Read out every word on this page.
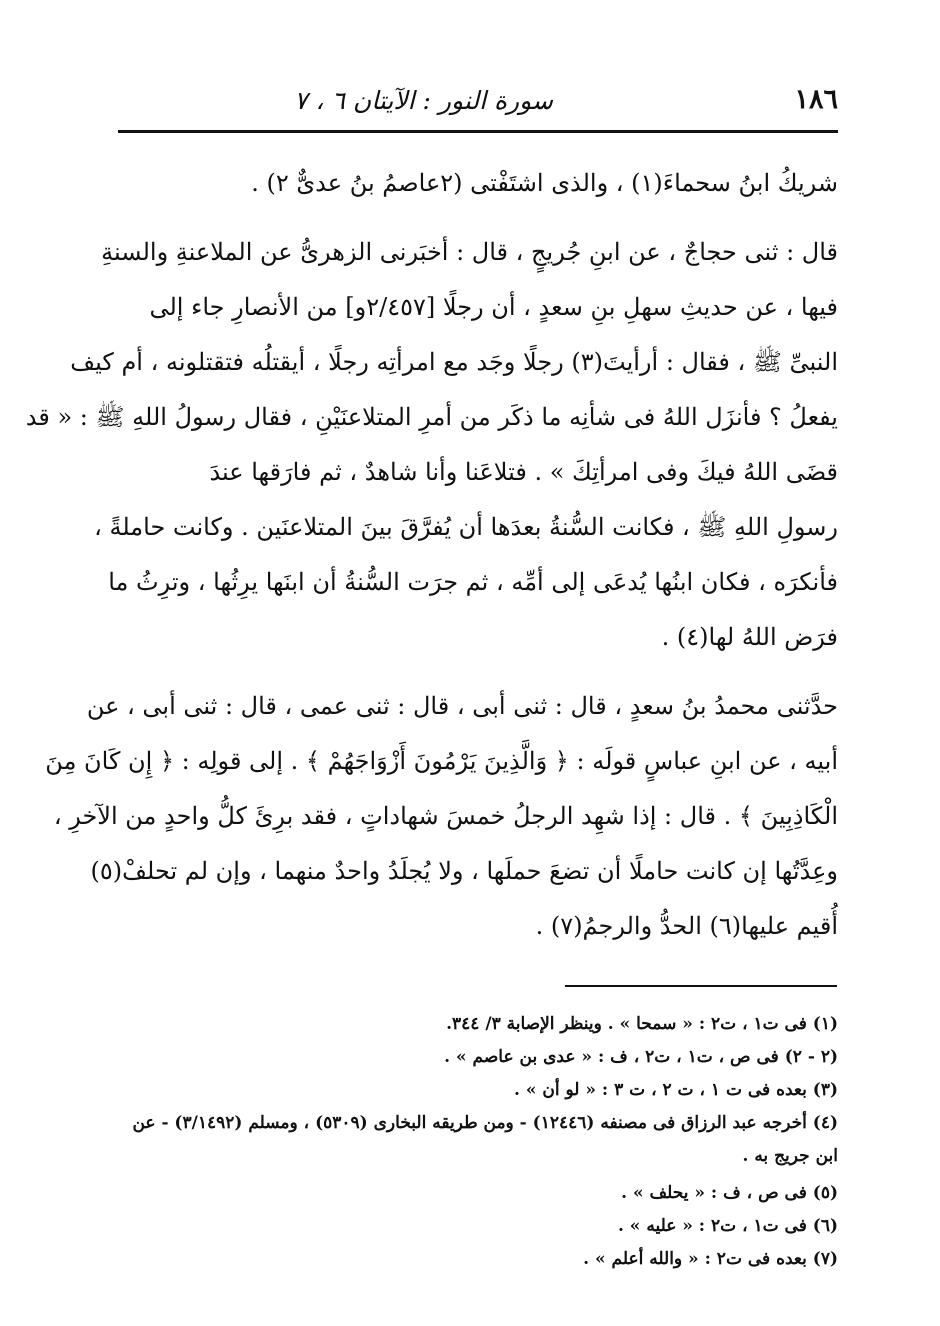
١٨٦
سورة النور : الآيتان ٦ ، ٧
شريكُ ابنُ سحماءَ(١) ، والذى اشتَفْتى (٢عاصمُ بنُ عدىٌّ ٢) .
قال : ثنى حجاجٌ ، عن ابنِ جُريجٍ ، قال : أخبَرنى الزهرىُّ عن الملاعنةِ والسنةِ
فيها ، عن حديثِ سهلِ بنِ سعدٍ ، أن رجلًا [٢/٤٥٧و] من الأنصارِ جاء إلى
النبىِّ ﷺ ، فقال : أرأيتَ(٣) رجلًا وجَد مع امرأتِه رجلًا ، أيقتلُه فتقتلونه ، أم كيف
يفعلُ ؟ فأنزَل اللهُ فى شأنِه ما ذكَر من أمرِ المتلاعنَيْنِ ، فقال رسولُ اللهِ ﷺ : « قد
قضَى اللهُ فيكَ وفى امرأتِكَ » . فتلاعَنا وأنا شاهدٌ ، ثم فارَقها عندَ
رسولِ اللهِ ﷺ ، فكانت السُّنةُ بعدَها أن يُفرَّقَ بينَ المتلاعنَين . وكانت حاملةً ،
فأنكرَه ، فكان ابنُها يُدعَى إلى أمِّه ، ثم جرَت السُّنةُ أن ابنَها يرِثُها ، وترِثُ ما
فرَض اللهُ لها(٤) .
حدَّثنى محمدُ بنُ سعدٍ ، قال : ثنى أبى ، قال : ثنى عمى ، قال : ثنى أبى ، عن
أبيه ، عن ابنِ عباسٍ قولَه : ﴿ وَالَّذِينَ يَرْمُونَ أَزْوَاجَهُمْ ﴾ . إلى قولِه : ﴿ إِن كَانَ مِنَ
الْكَاذِبِينَ ﴾ . قال : إذا شهِد الرجلُ خمسَ شهاداتٍ ، فقد برِئَ كلُّ واحدٍ من الآخرِ ،
وعِدَّتُها إن كانت حاملًا أن تضعَ حملَها ، ولا يُجلَدُ واحدٌ منهما ، وإن لم تحلفْ(٥)
أُقيم عليها(٦) الحدُّ والرجمُ(٧) .
(١) فى ت١ ، ت٢ : « سمحا » . وينظر الإصابة ٣/ ٣٤٤.
(٢ - ٢) فى ص ، ت١ ، ت٢ ، ف : « عدى بن عاصم » .
(٣) بعده فى ت ١ ، ت ٢ ، ت ٣ : « لو أن » .
(٤) أخرجه عبد الرزاق فى مصنفه (١٢٤٤٦) - ومن طريقه البخارى (٥٣٠٩) ، ومسلم (٣/١٤٩٢) - عن
ابن جريج به .
(٥) فى ص ، ف : « يحلف » .
(٦) فى ت١ ، ت٢ : « عليه » .
(٧) بعده فى ت٢ : « والله أعلم » .
